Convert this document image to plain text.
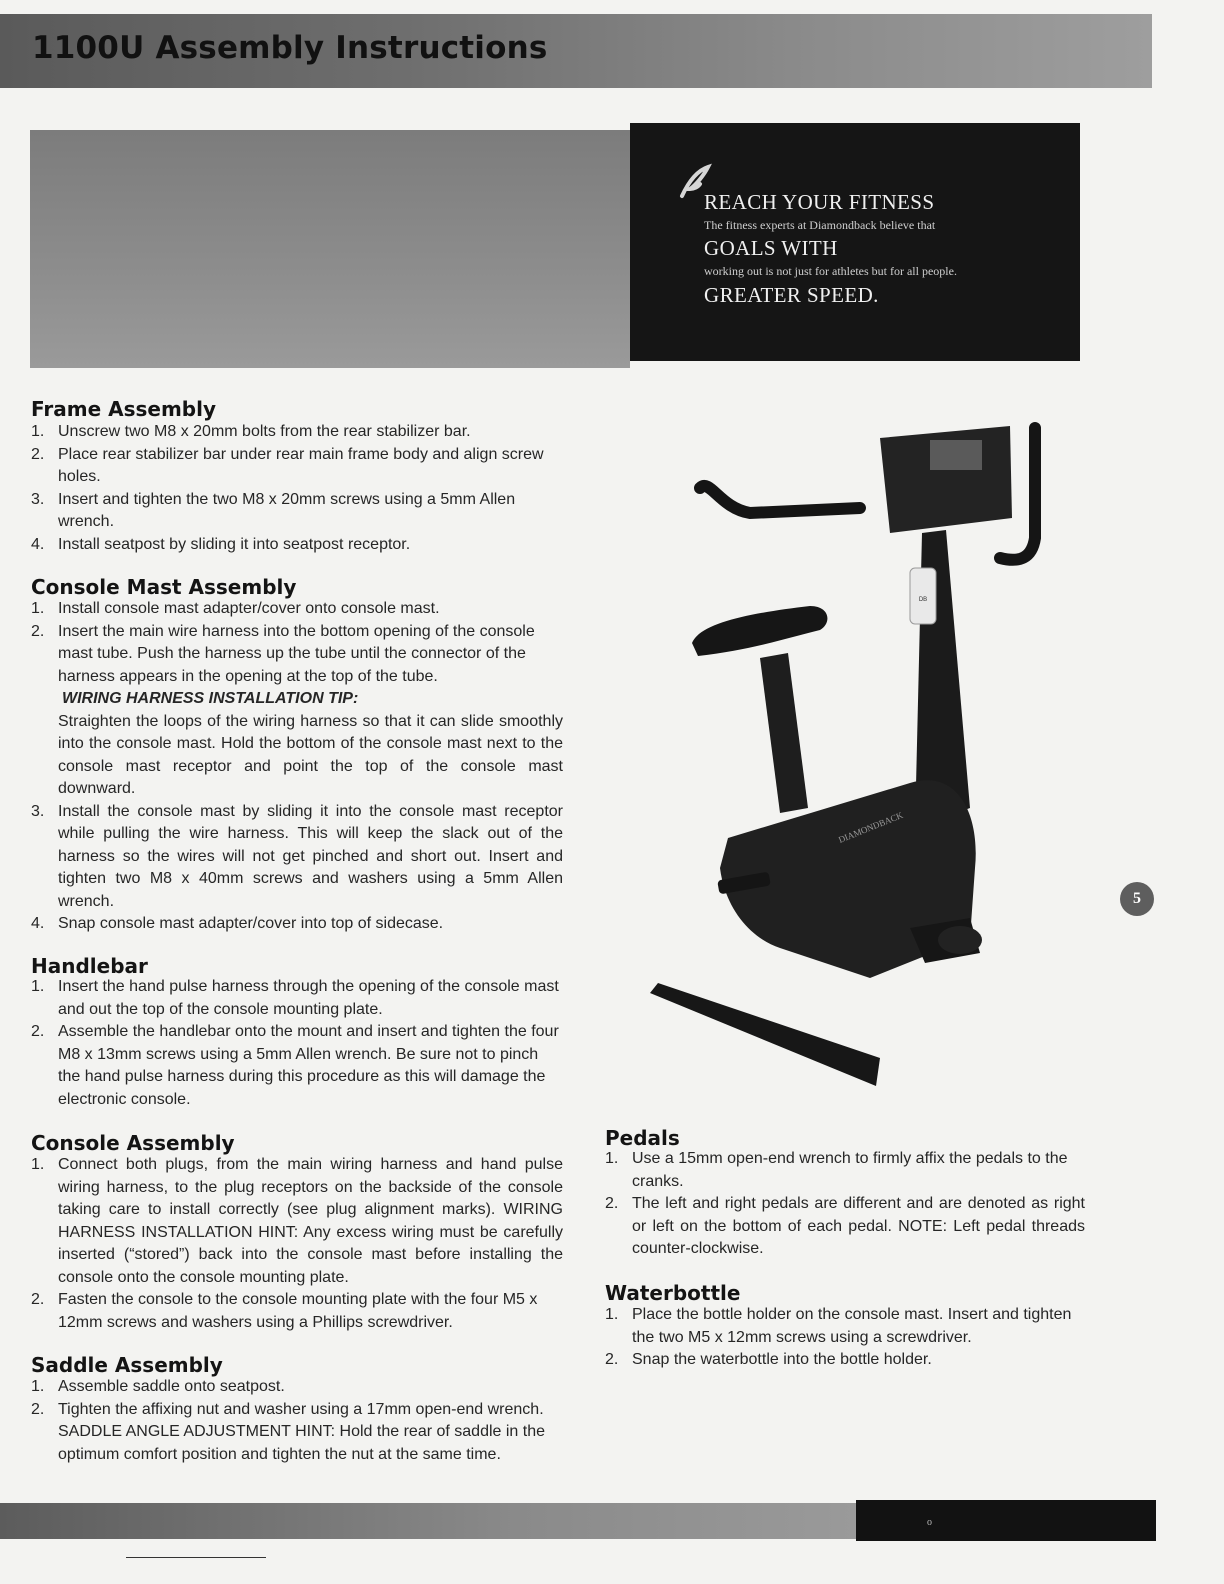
1100U Assembly Instructions

REACH YOUR FITNESS

The fitness experts at Diamondback believe that

GOALS WITH

working out is not just for athletes but for all people.

GREATER SPEED.

Frame Assembly
1. Unscrew two M8 x 20mm bolts from the rear stabilizer bar.
2. Place rear stabilizer bar under rear main frame body and align screw holes.
3. Insert and tighten the two M8 x 20mm screws using a 5mm Allen wrench.
4. Install seatpost by sliding it into seatpost receptor.
Console Mast Assembly
1. Install console mast adapter/cover onto console mast.
2. Insert the main wire harness into the bottom opening of the console mast tube. Push the harness up the tube until the connector of the harness appears in the opening at the top of the tube.
WIRING HARNESS INSTALLATION TIP:
Straighten the loops of the wiring harness so that it can slide smoothly into the console mast. Hold the bottom of the console mast next to the console mast receptor and point the top of the console mast downward.
3. Install the console mast by sliding it into the console mast receptor while pulling the wire harness. This will keep the slack out of the harness so the wires will not get pinched and short out. Insert and tighten two M8 x 40mm screws and washers using a 5mm Allen wrench.
4. Snap console mast adapter/cover into top of sidecase.
Handlebar
1. Insert the hand pulse harness through the opening of the console mast and out the top of the console mounting plate.
2. Assemble the handlebar onto the mount and insert and tighten the four M8 x 13mm screws using a 5mm Allen wrench. Be sure not to pinch the hand pulse harness during this procedure as this will damage the electronic console.
Console Assembly
1. Connect both plugs, from the main wiring harness and hand pulse wiring harness, to the plug receptors on the backside of the console taking care to install correctly (see plug alignment marks). WIRING HARNESS INSTALLATION HINT: Any excess wiring must be carefully inserted (“stored”) back into the console mast before installing the console onto the console mounting plate.
2. Fasten the console to the console mounting plate with the four M5 x 12mm screws and washers using a Phillips screwdriver.
Saddle Assembly
1. Assemble saddle onto seatpost.
2. Tighten the affixing nut and washer using a 17mm open-end wrench. SADDLE ANGLE ADJUSTMENT HINT: Hold the rear of saddle in the optimum comfort position and tighten the nut at the same time.
DB
DIAMONDBACK
5
Pedals
1. Use a 15mm open-end wrench to firmly affix the pedals to the cranks.
2. The left and right pedals are different and are denoted as right or left on the bottom of each pedal. NOTE: Left pedal threads counter-clockwise.
Waterbottle
1. Place the bottle holder on the console mast. Insert and tighten the two M5 x 12mm screws using a screwdriver.
2. Snap the waterbottle into the bottle holder.
o
